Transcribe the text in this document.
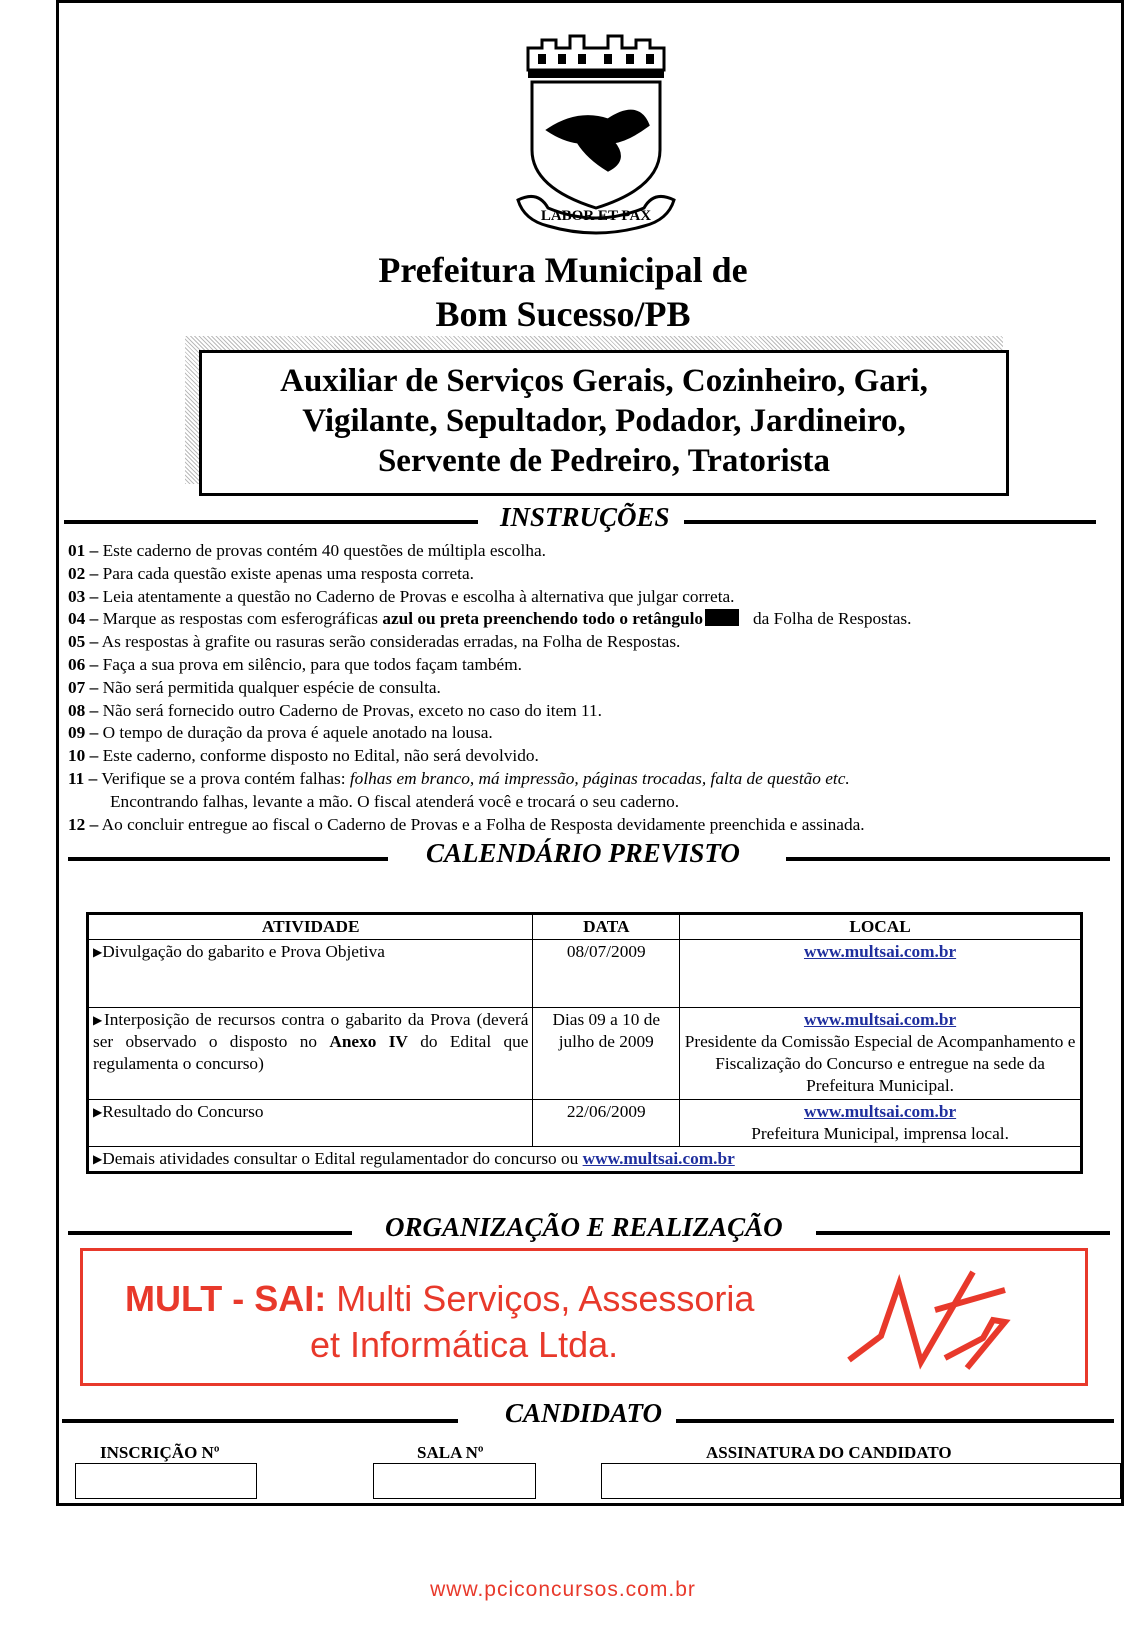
LABOR ET PAX
Prefeitura Municipal de
Bom Sucesso/PB
Auxiliar de Serviços Gerais, Cozinheiro, Gari,
Vigilante, Sepultador, Podador, Jardineiro,
Servente de Pedreiro, Tratorista
INSTRUÇÕES
01 – Este caderno de provas contém 40 questões de múltipla escolha.
02 – Para cada questão existe apenas uma resposta correta.
03 – Leia atentamente a questão no Caderno de Provas e escolha à alternativa que julgar correta.
04 – Marque as respostas com esferográficas azul ou preta preenchendo todo o retângulo	da Folha de Respostas.
05 – As respostas à grafite ou rasuras serão consideradas erradas, na Folha de Respostas.
06 – Faça a sua prova em silêncio, para que todos façam também.
07 – Não será permitida qualquer espécie de consulta.
08 – Não será fornecido outro Caderno de Provas, exceto no caso do item 11.
09 – O tempo de duração da prova é aquele anotado na lousa.
10 – Este caderno, conforme disposto no Edital, não será devolvido.
11 – Verifique se a prova contém falhas: folhas em branco, má impressão, páginas trocadas, falta de questão etc.
Encontrando falhas, levante a mão. O fiscal atenderá você e trocará o seu caderno.
12 – Ao concluir entregue ao fiscal o Caderno de Provas e a Folha de Resposta devidamente preenchida e assinada.
CALENDÁRIO PREVISTO
ATIVIDADE	DATA	LOCAL
▶Divulgação do gabarito e Prova Objetiva	08/07/2009	www.multsai.com.br
▶Interposição de recursos contra o gabarito da Prova (deverá ser observado o disposto no Anexo IV do Edital que regulamenta o concurso)	Dias 09 a 10 de julho de 2009	www.multsai.com.br
Presidente da Comissão Especial de Acompanhamento e Fiscalização do Concurso e entregue na sede da Prefeitura Municipal.
▶Resultado do Concurso	22/06/2009	www.multsai.com.br
Prefeitura Municipal, imprensa local.
▶Demais atividades consultar o Edital regulamentador do concurso ou www.multsai.com.br		
ORGANIZAÇÃO E REALIZAÇÃO
MULT - SAI: Multi Serviços, Assessoria
et Informática Ltda.
CANDIDATO
INSCRIÇÃO Nº	SALA Nº	ASSINATURA DO CANDIDATO
www.pciconcursos.com.br
